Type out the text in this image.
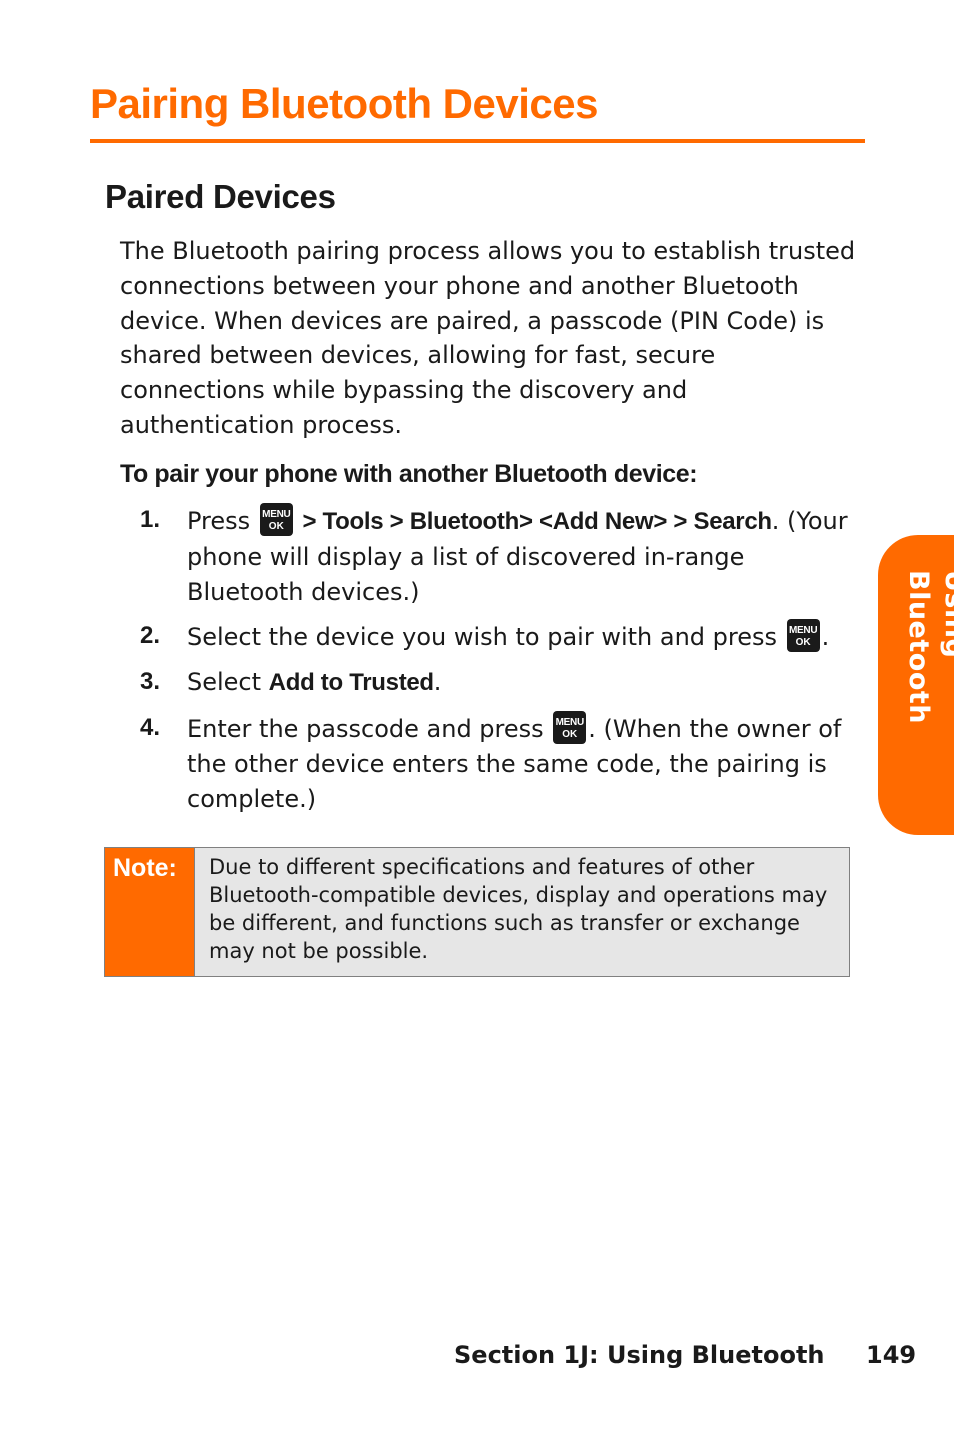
Pairing Bluetooth Devices
Paired Devices

The Bluetooth pairing process allows you to establish trusted connections between your phone and another Bluetooth device. When devices are paired, a passcode (PIN Code) is shared between devices, allowing for fast, secure connections while bypassing the discovery and authentication process.

To pair your phone with another Bluetooth device:

1. Press MENU
OK > Tools > Bluetooth> <Add New> > Search. (Your phone will display a list of discovered in-range Bluetooth devices.)
2. Select the device you wish to pair with and press MENU
OK .
3. Select Add to Trusted.
4. Enter the passcode and press MENU
OK . (When the owner of the other device enters the same code, the pairing is complete.)
Note:	Due to different specifications and features of other Bluetooth-compatible devices, display and operations may be different, and functions such as transfer or exchange may not be possible.

Using Bluetooth
Section 1J: Using Bluetooth 149
